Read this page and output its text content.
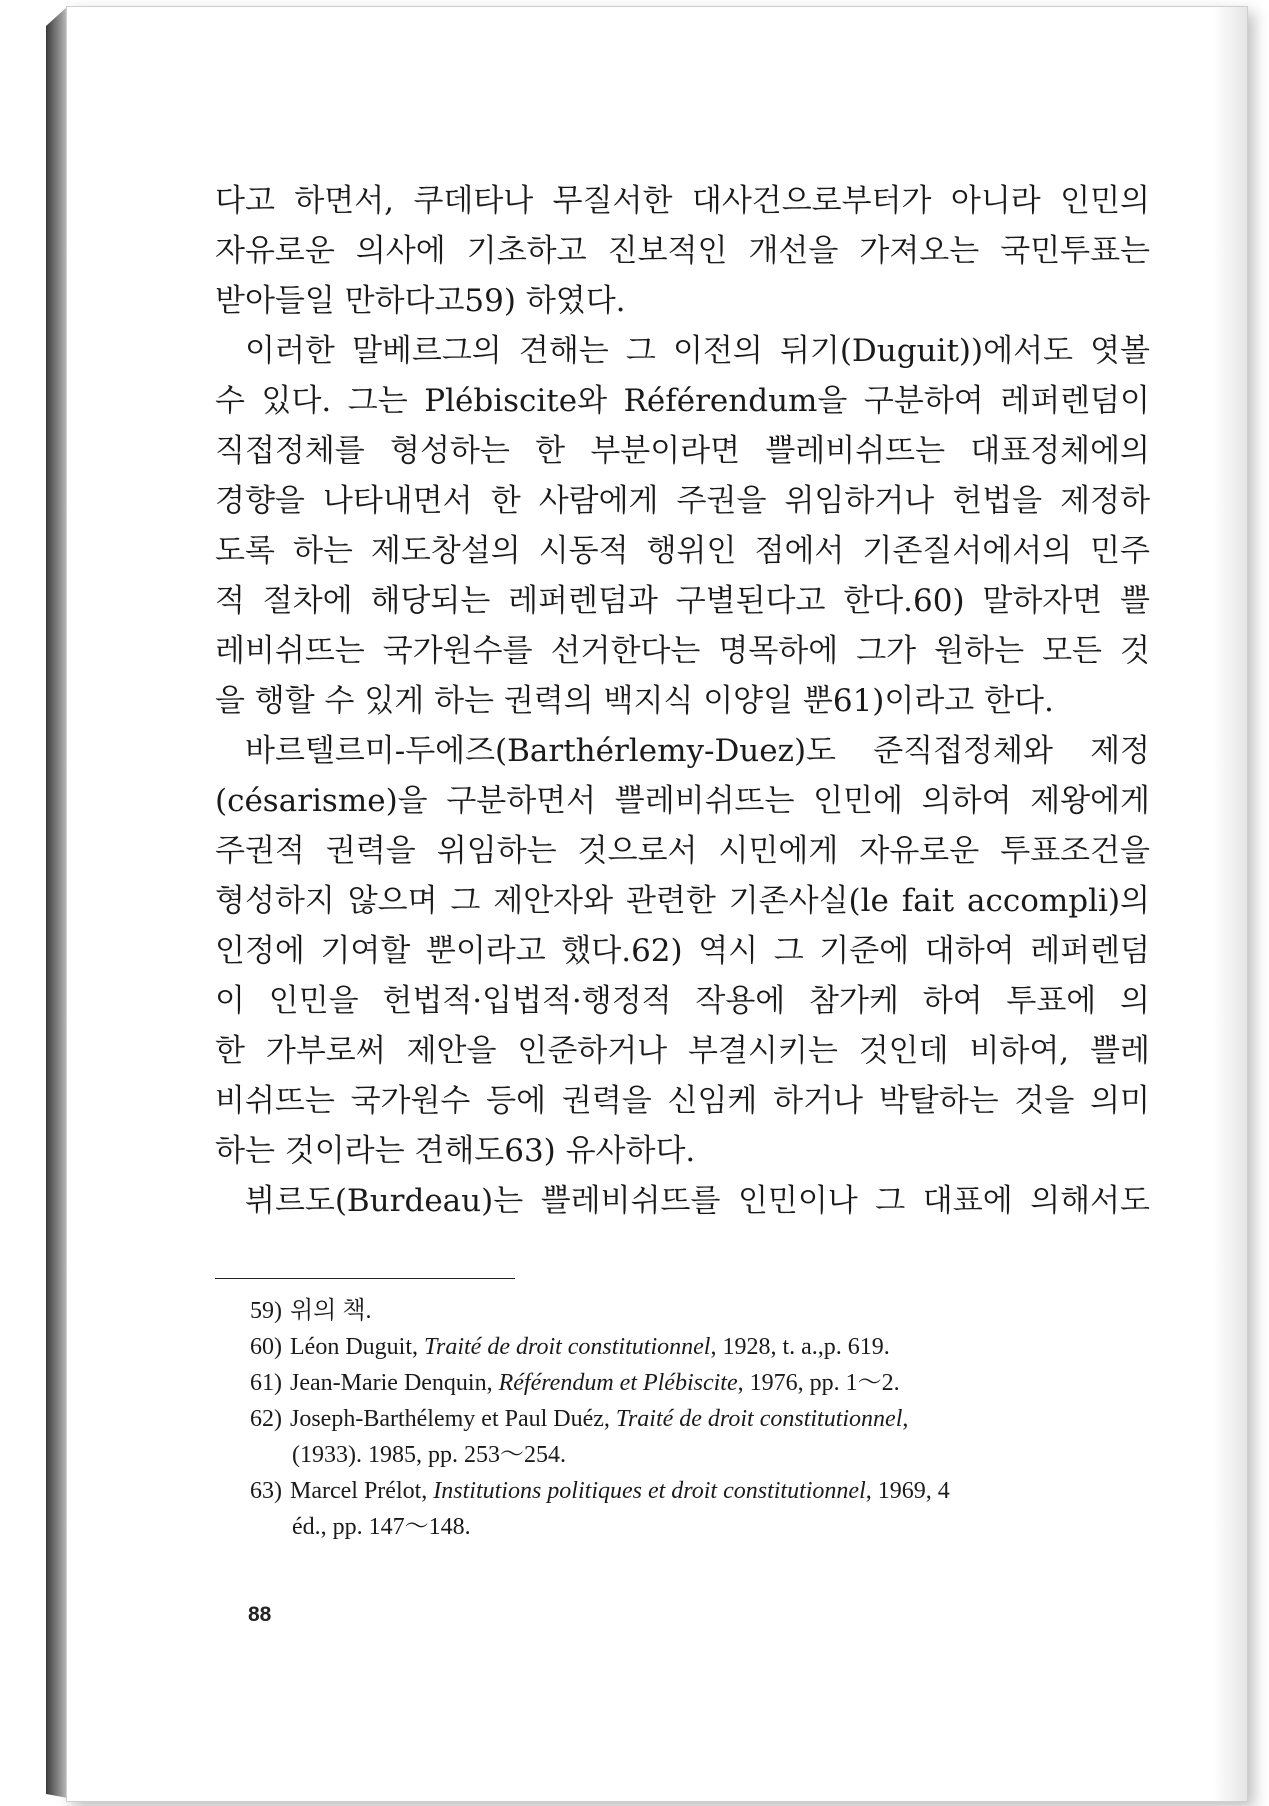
다고 하면서, 쿠데타나 무질서한 대사건으로부터가 아니라 인민의
자유로운 의사에 기초하고 진보적인 개선을 가져오는 국민투표는
받아들일 만하다고59) 하였다.
이러한 말베르그의 견해는 그 이전의 뒤기(Duguit))에서도 엿볼
수 있다. 그는 Plébiscite와 Référendum을 구분하여 레퍼렌덤이
직접정체를 형성하는 한 부분이라면 쁠레비쉬뜨는 대표정체에의
경향을 나타내면서 한 사람에게 주권을 위임하거나 헌법을 제정하
도록 하는 제도창설의 시동적 행위인 점에서 기존질서에서의 민주
적 절차에 해당되는 레퍼렌덤과 구별된다고 한다.60) 말하자면 쁠
레비쉬뜨는 국가원수를 선거한다는 명목하에 그가 원하는 모든 것
을 행할 수 있게 하는 권력의 백지식 이양일 뿐61)이라고 한다.
바르텔르미-두에즈(Barthérlemy-Duez)도 준직접정체와 제정
(césarisme)을 구분하면서 쁠레비쉬뜨는 인민에 의하여 제왕에게
주권적 권력을 위임하는 것으로서 시민에게 자유로운 투표조건을
형성하지 않으며 그 제안자와 관련한 기존사실(le fait accompli)의
인정에 기여할 뿐이라고 했다.62) 역시 그 기준에 대하여 레퍼렌덤
이 인민을 헌법적·입법적·행정적 작용에 참가케 하여 투표에 의
한 가부로써 제안을 인준하거나 부결시키는 것인데 비하여, 쁠레
비쉬뜨는 국가원수 등에 권력을 신임케 하거나 박탈하는 것을 의미
하는 것이라는 견해도63) 유사하다.
뷔르도(Burdeau)는 쁠레비쉬뜨를 인민이나 그 대표에 의해서도
59) 위의 책.
60) Léon Duguit, Traité de droit constitutionnel, 1928, t. a.,p. 619.
61) Jean-Marie Denquin, Référendum et Plébiscite, 1976, pp. 1～2.
62) Joseph-Barthélemy et Paul Duéz, Traité de droit constitutionnel,
(1933). 1985, pp. 253～254.
63) Marcel Prélot, Institutions politiques et droit constitutionnel, 1969, 4
éd., pp. 147～148.
88
